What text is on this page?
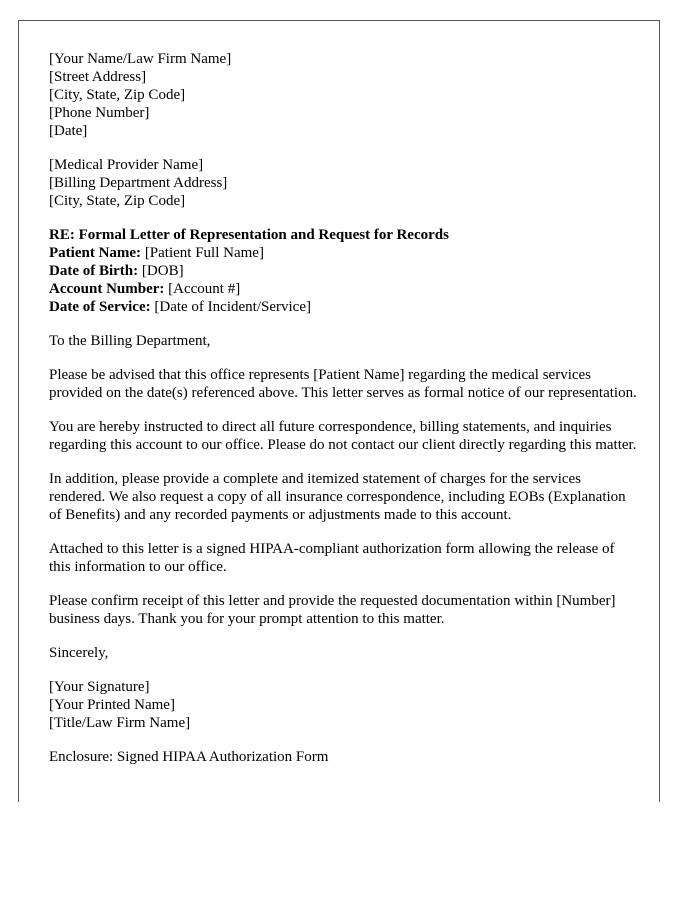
[Your Name/Law Firm Name]
[Street Address]
[City, State, Zip Code]
[Phone Number]
[Date]
[Medical Provider Name]
[Billing Department Address]
[City, State, Zip Code]
RE: Formal Letter of Representation and Request for Records
Patient Name: [Patient Full Name]
Date of Birth: [DOB]
Account Number: [Account #]
Date of Service: [Date of Incident/Service]

To the Billing Department,

Please be advised that this office represents [Patient Name] regarding the medical services provided on the date(s) referenced above. This letter serves as formal notice of our representation.

You are hereby instructed to direct all future correspondence, billing statements, and inquiries regarding this account to our office. Please do not contact our client directly regarding this matter.

In addition, please provide a complete and itemized statement of charges for the services rendered. We also request a copy of all insurance correspondence, including EOBs (Explanation of Benefits) and any recorded payments or adjustments made to this account.

Attached to this letter is a signed HIPAA-compliant authorization form allowing the release of this information to our office.

Please confirm receipt of this letter and provide the requested documentation within [Number] business days. Thank you for your prompt attention to this matter.

Sincerely,

[Your Signature]
[Your Printed Name]
[Title/Law Firm Name]

Enclosure: Signed HIPAA Authorization Form
